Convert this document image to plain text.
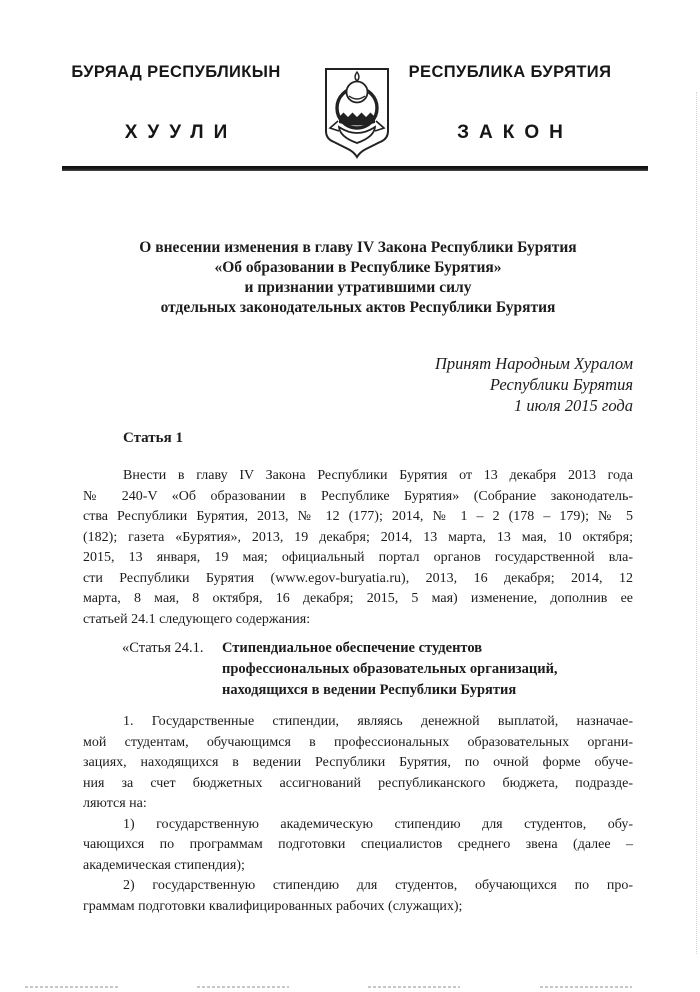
БУРЯАД РЕСПУБЛИКЫН
ХУУЛИ
РЕСПУБЛИКА БУРЯТИЯ
ЗАКОН
О внесении изменения в главу IV Закона Республики Бурятия
«Об образовании в Республике Бурятия»
и признании утратившими силу
отдельных законодательных актов Республики Бурятия
Принят Народным Хуралом
Республики Бурятия
1 июля 2015 года
Статья 1
Внести в главу IV Закона Республики Бурятия от 13 декабря 2013 года
№ 240-V «Об образовании в Республике Бурятия» (Собрание законодатель-
ства Республики Бурятия, 2013, № 12 (177); 2014, № 1 – 2 (178 – 179); № 5
(182); газета «Бурятия», 2013, 19 декабря; 2014, 13 марта, 13 мая, 10 октября;
2015, 13 января, 19 мая; официальный портал органов государственной вла-
сти Республики Бурятия (www.egov-buryatia.ru), 2013, 16 декабря; 2014, 12
марта, 8 мая, 8 октября, 16 декабря; 2015, 5 мая) изменение, дополнив ее
статьей 24.1 следующего содержания:
«Статья 24.1.	Стипендиальное обеспечение студентов
профессиональных образовательных организаций,
находящихся в ведении Республики Бурятия
1. Государственные стипендии, являясь денежной выплатой, назначае-
мой студентам, обучающимся в профессиональных образовательных органи-
зациях, находящихся в ведении Республики Бурятия, по очной форме обуче-
ния за счет бюджетных ассигнований республиканского бюджета, подразде-
ляются на:
1) государственную академическую стипендию для студентов, обу-
чающихся по программам подготовки специалистов среднего звена (далее –
академическая стипендия);
2) государственную стипендию для студентов, обучающихся по про-
граммам подготовки квалифицированных рабочих (служащих);
